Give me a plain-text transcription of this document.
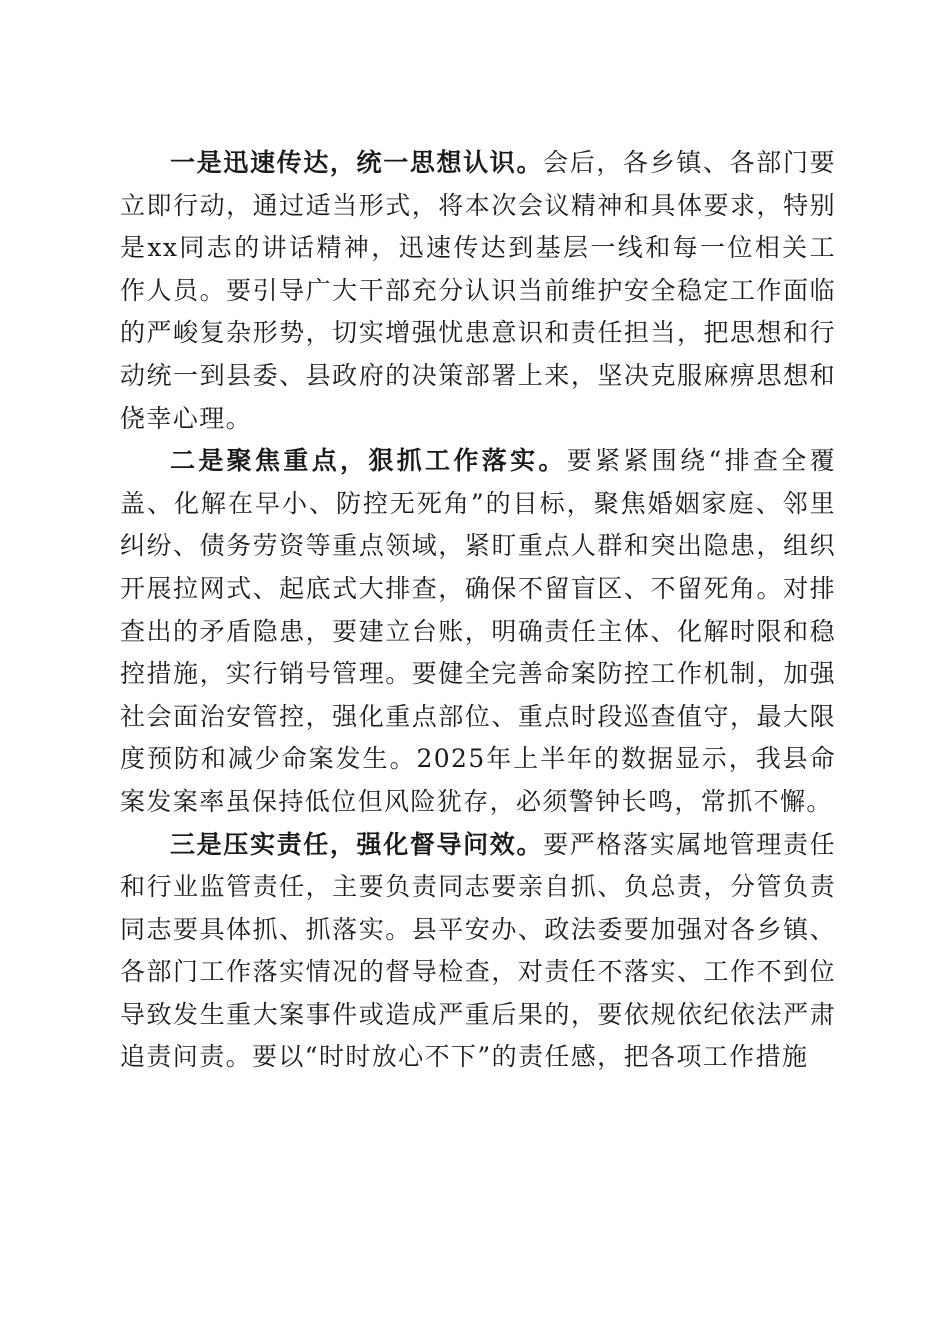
一是迅速传达，统一思想认识。会后，各乡镇、各部门要立即行动，通过适当形式，将本次会议精神和具体要求，特别是xx同志的讲话精神，迅速传达到基层一线和每一位相关工作人员。要引导广大干部充分认识当前维护安全稳定工作面临的严峻复杂形势，切实增强忧患意识和责任担当，把思想和行动统一到县委、县政府的决策部署上来，坚决克服麻痹思想和侥幸心理。

二是聚焦重点，狠抓工作落实。要紧紧围绕“排查全覆盖、化解在早小、防控无死角”的目标，聚焦婚姻家庭、邻里纠纷、债务劳资等重点领域，紧盯重点人群和突出隐患，组织开展拉网式、起底式大排查，确保不留盲区、不留死角。对排查出的矛盾隐患，要建立台账，明确责任主体、化解时限和稳控措施，实行销号管理。要健全完善命案防控工作机制，加强社会面治安管控，强化重点部位、重点时段巡查值守，最大限度预防和减少命案发生。2025年上半年的数据显示，我县命案发案率虽保持低位但风险犹存，必须警钟长鸣，常抓不懈。

三是压实责任，强化督导问效。要严格落实属地管理责任和行业监管责任，主要负责同志要亲自抓、负总责，分管负责同志要具体抓、抓落实。县平安办、政法委要加强对各乡镇、各部门工作落实情况的督导检查，对责任不落实、工作不到位导致发生重大案事件或造成严重后果的，要依规依纪依法严肃追责问责。要以“时时放心不下”的责任感，把各项工作措施
